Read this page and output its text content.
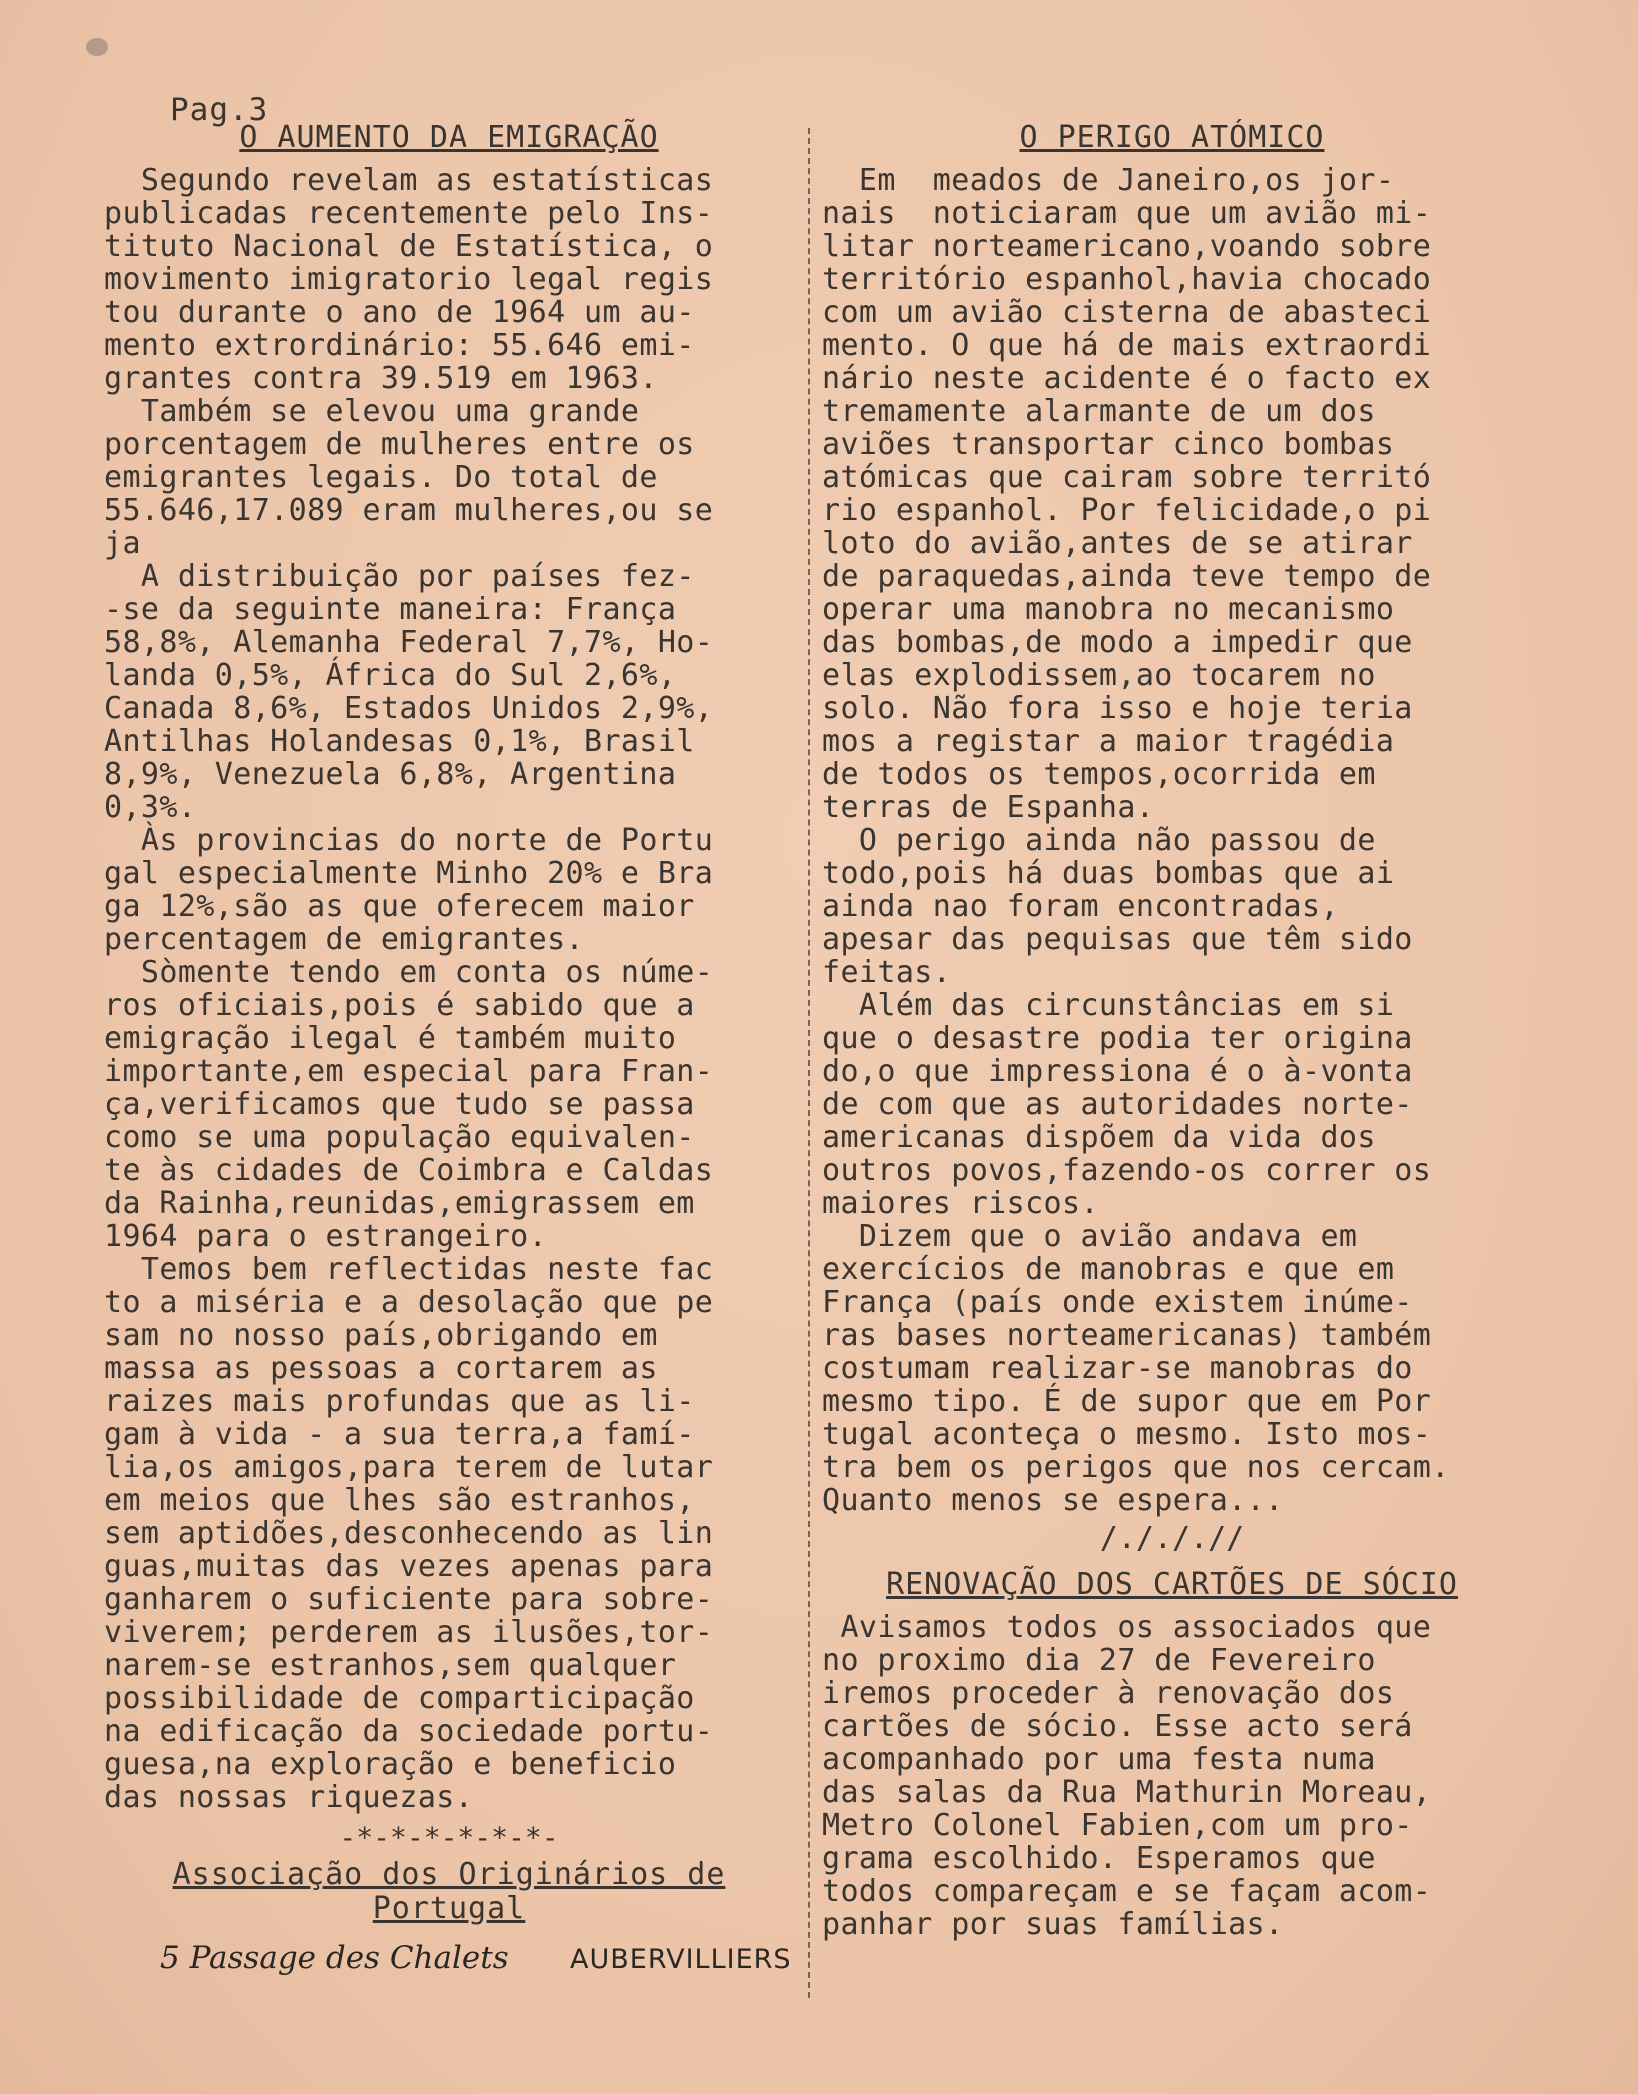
Pag.3
O AUMENTO DA EMIGRAÇÃO

Segundo revelam as estatísticas
publicadas recentemente pelo Ins-
tituto Nacional de Estatística, o
movimento imigratorio legal regis
tou durante o ano de 1964 um au-
mento extrordinário: 55.646 emi-
grantes contra 39.519 em 1963.

Também se elevou uma grande
porcentagem de mulheres entre os
emigrantes legais. Do total de
55.646,17.089 eram mulheres,ou se
ja

A distribuição por países fez-
-se da seguinte maneira: França
58,8%, Alemanha Federal 7,7%, Ho-
landa 0,5%, África do Sul 2,6%,
Canada 8,6%, Estados Unidos 2,9%,
Antilhas Holandesas 0,1%, Brasil
8,9%, Venezuela 6,8%, Argentina
0,3%.

Às provincias do norte de Portu
gal especialmente Minho 20% e Bra
ga 12%,são as que oferecem maior
percentagem de emigrantes.

Sòmente tendo em conta os núme-
ros oficiais,pois é sabido que a
emigração ilegal é também muito
importante,em especial para Fran-
ça,verificamos que tudo se passa
como se uma população equivalen-
te às cidades de Coimbra e Caldas
da Rainha,reunidas,emigrassem em
1964 para o estrangeiro.

Temos bem reflectidas neste fac
to a miséria e a desolação que pe
sam no nosso país,obrigando em
massa as pessoas a cortarem as
raizes mais profundas que as li-
gam à vida - a sua terra,a famí-
lia,os amigos,para terem de lutar
em meios que lhes são estranhos,
sem aptidões,desconhecendo as lin
guas,muitas das vezes apenas para
ganharem o suficiente para sobre-
viverem; perderem as ilusões,tor-
narem-se estranhos,sem qualquer
possibilidade de comparticipação
na edificação da sociedade portu-
guesa,na exploração e beneficio
das nossas riquezas.

-*-*-*-*-*-*-
Associação dos Originários de
Portugal
O PERIGO ATÓMICO

Em  meados de Janeiro,os jor-
nais  noticiaram que um avião mi-
litar norteamericano,voando sobre
território espanhol,havia chocado
com um avião cisterna de abasteci
mento. O que há de mais extraordi
nário neste acidente é o facto ex
tremamente alarmante de um dos
aviões transportar cinco bombas
atómicas que cairam sobre territó
rio espanhol. Por felicidade,o pi
loto do avião,antes de se atirar
de paraquedas,ainda teve tempo de
operar uma manobra no mecanismo
das bombas,de modo a impedir que
elas explodissem,ao tocarem no
solo. Não fora isso e hoje teria
mos a registar a maior tragédia
de todos os tempos,ocorrida em
terras de Espanha.

O perigo ainda não passou de
todo,pois há duas bombas que ai
ainda nao foram encontradas,
apesar das pequisas que têm sido
feitas.

Além das circunstâncias em si
que o desastre podia ter origina
do,o que impressiona é o à-vonta
de com que as autoridades norte-
americanas dispõem da vida dos
outros povos,fazendo-os correr os
maiores riscos.

Dizem que o avião andava em
exercícios de manobras e que em
França (país onde existem inúme-
ras bases norteamericanas) também
costumam realizar-se manobras do
mesmo tipo. É de supor que em Por
tugal aconteça o mesmo. Isto mos-
tra bem os perigos que nos cercam.
Quanto menos se espera...

/./././/
RENOVAÇÃO DOS CARTÕES DE SÓCIO

Avisamos todos os associados que
no proximo dia 27 de Fevereiro
iremos proceder à renovação dos
cartões de sócio. Esse acto será
acompanhado por uma festa numa
das salas da Rua Mathurin Moreau,
Metro Colonel Fabien,com um pro-
grama escolhido. Esperamos que
todos compareçam e se façam acom-
panhar por suas famílias.

5 Passage des Chalets AUBERVILLIERS
